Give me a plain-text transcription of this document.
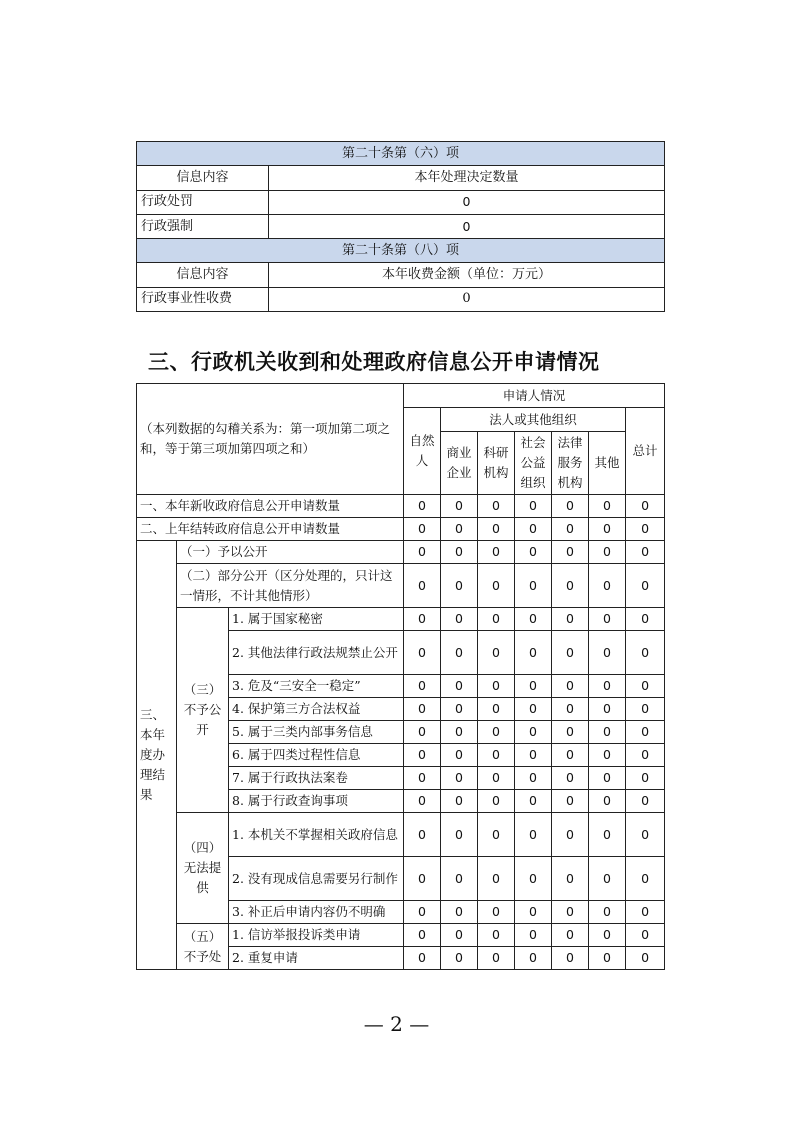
第二十条第（六）项	
信息内容	本年处理决定数量
行政处罚	0
行政强制	0
第二十条第（八）项	
信息内容	本年收费金额（单位：万元）
行政事业性收费	0
三、行政机关收到和处理政府信息公开申请情况
（本列数据的勾稽关系为：第一项加第二项之和，等于第三项加第四项之和）			申请人情况						
			自然人	法人或其他组织					总计
				商业企业	科研机构	社会公益组织	法律服务机构	其他	
一、本年新收政府信息公开申请数量			0	0	0	0	0	0	0
二、上年结转政府信息公开申请数量			0	0	0	0	0	0	0
三、本年度办理结果	（一）予以公开		0	0	0	0	0	0	0
	（二）部分公开（区分处理的，只计这一情形，不计其他情形）		0	0	0	0	0	0	0
	（三）不予公开	1. 属于国家秘密	0	0	0	0	0	0	0
		2. 其他法律行政法规禁止公开	0	0	0	0	0	0	0
		3. 危及“三安全一稳定”	0	0	0	0	0	0	0
		4. 保护第三方合法权益	0	0	0	0	0	0	0
		5. 属于三类内部事务信息	0	0	0	0	0	0	0
		6. 属于四类过程性信息	0	0	0	0	0	0	0
		7. 属于行政执法案卷	0	0	0	0	0	0	0
		8. 属于行政查询事项	0	0	0	0	0	0	0
	（四）无法提供	1. 本机关不掌握相关政府信息	0	0	0	0	0	0	0
		2. 没有现成信息需要另行制作	0	0	0	0	0	0	0
		3. 补正后申请内容仍不明确	0	0	0	0	0	0	0
	（五）不予处	1. 信访举报投诉类申请	0	0	0	0	0	0	0
		2. 重复申请	0	0	0	0	0	0	0
— 2 —
